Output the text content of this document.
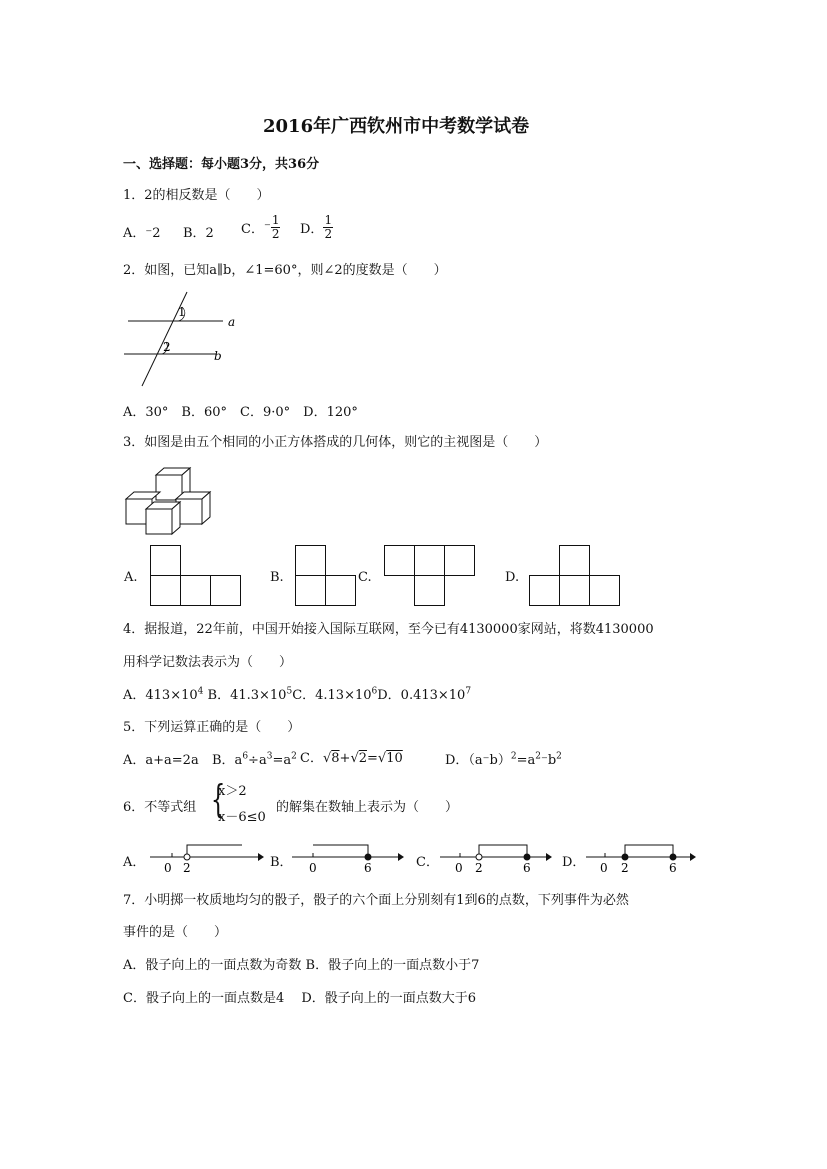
2016年广西钦州市中考数学试卷
一、选择题：每小题3分，共36分
1．2的相反数是（　　）
A．⁻2 B．2 C．⁻ $\frac{1}{2}$ D． $\frac{1}{2}$
2．如图，已知a∥b，∠1=60°，则∠2的度数是（　　）
1
2
a
b
A．30°　B．60°　C．9·0°　D．120°
3．如图是由五个相同的小正方体搭成的几何体，则它的主视图是（　　）
A.	B.	C.	D.
4．据报道，22年前，中国开始接入国际互联网，至今已有4130000家网站，将数4130000
用科学记数法表示为（　　）
A．$413\times 10^4$ B．$41.3\times 10^5C$．$4.13\times 10^6D$．$0.413\times 10^7$
5．下列运算正确的是（　　）
A．a+a=2a B．$a^6\div a^3=a^2$ C．√8+√2=√10	D．$(a^-b)^2=a^2^-b^2$
6．不等式组 {
x＞2
x－6≤0
的解集在数轴上表示为（　　）
A． 0 2	B． 0	6	C． 0 2	6 D． 0 2	6
7．小明掷一枚质地均匀的骰子，骰子的六个面上分别刻有1到6的点数，下列事件为必然
事件的是（　　）
A．骰子向上的一面点数为奇数 B．骰子向上的一面点数小于7
C．骰子向上的一面点数是4　 D．骰子向上的一面点数大于6
